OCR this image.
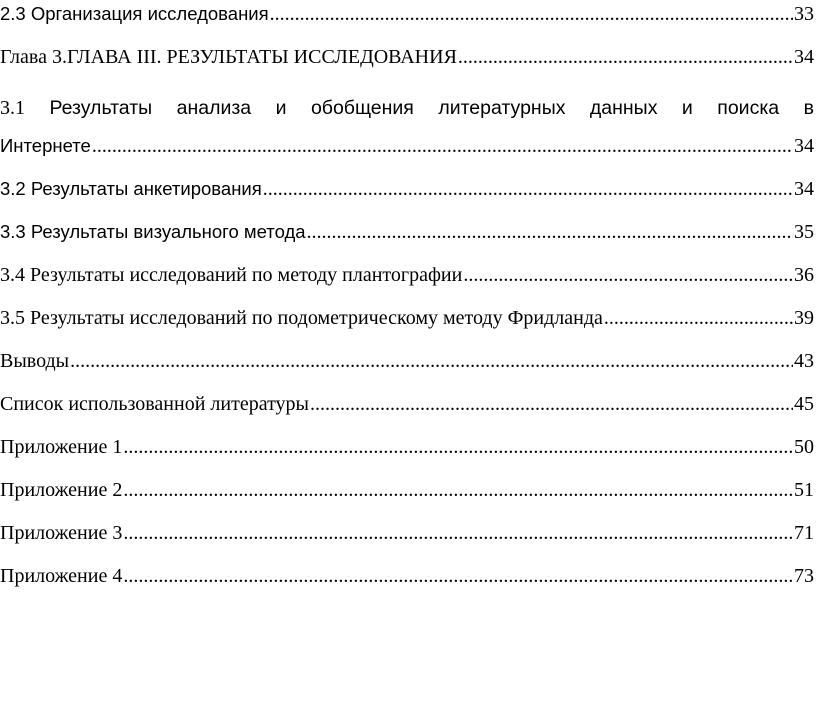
2.3 Организация исследования .....	33
Глава 3.ГЛАВА III. РЕЗУЛЬТАТЫ ИССЛЕДОВАНИЯ .....	34
3.1 Результаты анализа и обобщения литературных данных и поиска в
Интернете .....	34
3.2 Результаты анкетирования .....	34
3.3 Результаты визуального метода .....	35
3.4 Результаты исследований по методу плантографии .....	36
3.5 Результаты исследований по подометрическому методу Фридланда .....	39
Выводы .....	43
Список использованной литературы .....	45
Приложение 1 .....	50
Приложение 2 .....	51
Приложение 3 .....	71
Приложение 4 .....	73
